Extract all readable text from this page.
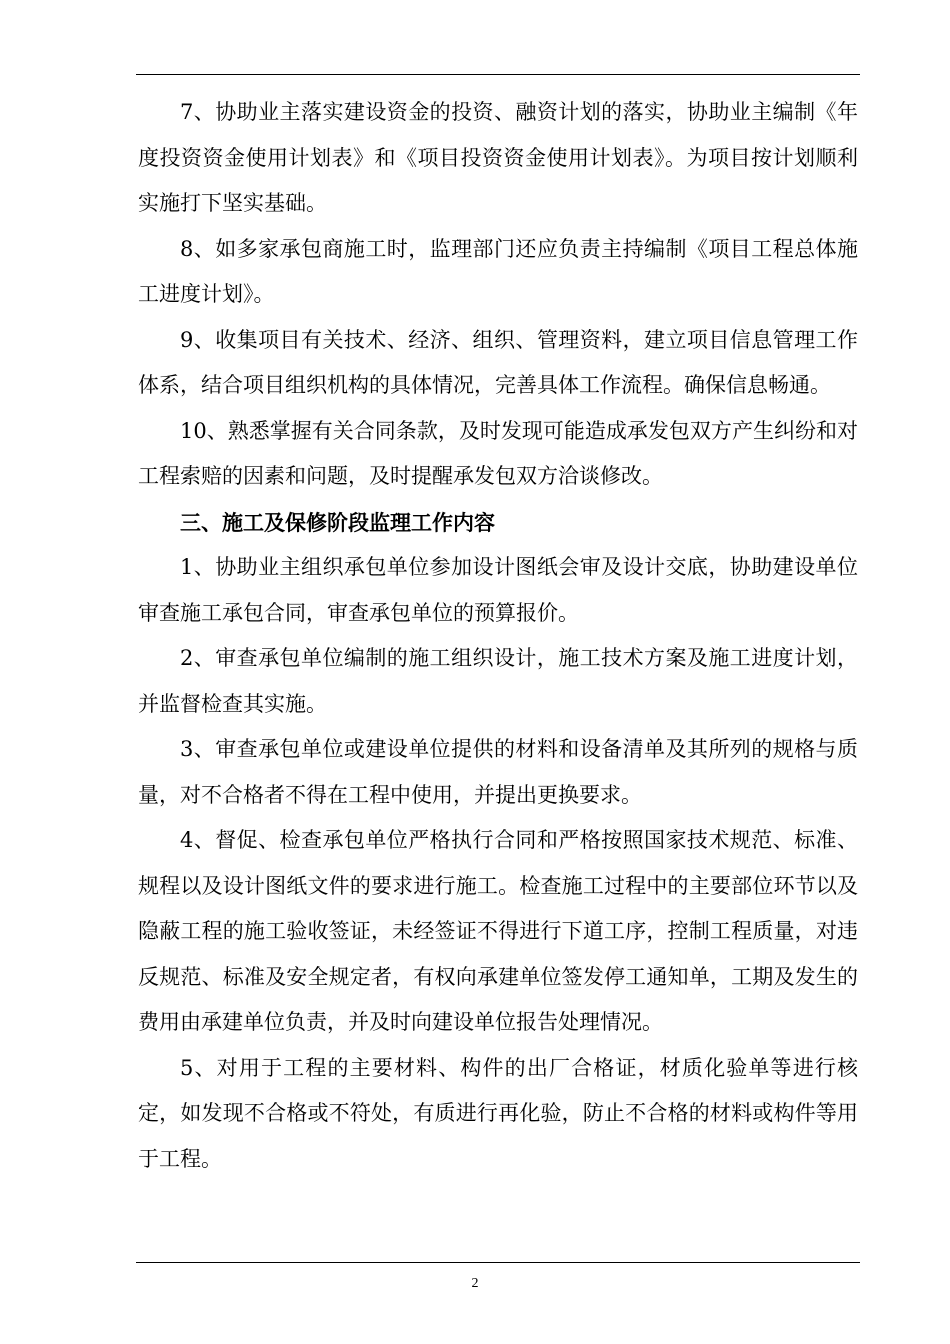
7、协助业主落实建设资金的投资、融资计划的落实，协助业主编制《年度投资资金使用计划表》和《项目投资资金使用计划表》。为项目按计划顺利实施打下坚实基础。

8、如多家承包商施工时，监理部门还应负责主持编制《项目工程总体施工进度计划》。

9、收集项目有关技术、经济、组织、管理资料，建立项目信息管理工作体系，结合项目组织机构的具体情况，完善具体工作流程。确保信息畅通。

10、熟悉掌握有关合同条款，及时发现可能造成承发包双方产生纠纷和对工程索赔的因素和问题，及时提醒承发包双方洽谈修改。

三、施工及保修阶段监理工作内容

1、协助业主组织承包单位参加设计图纸会审及设计交底，协助建设单位审查施工承包合同，审查承包单位的预算报价。

2、审查承包单位编制的施工组织设计，施工技术方案及施工进度计划，并监督检查其实施。

3、审查承包单位或建设单位提供的材料和设备清单及其所列的规格与质量，对不合格者不得在工程中使用，并提出更换要求。

4、督促、检查承包单位严格执行合同和严格按照国家技术规范、标准、规程以及设计图纸文件的要求进行施工。检查施工过程中的主要部位环节以及隐蔽工程的施工验收签证，未经签证不得进行下道工序，控制工程质量，对违反规范、标准及安全规定者，有权向承建单位签发停工通知单，工期及发生的费用由承建单位负责，并及时向建设单位报告处理情况。

5、对用于工程的主要材料、构件的出厂合格证，材质化验单等进行核定，如发现不合格或不符处，有质进行再化验，防止不合格的材料或构件等用于工程。

2
